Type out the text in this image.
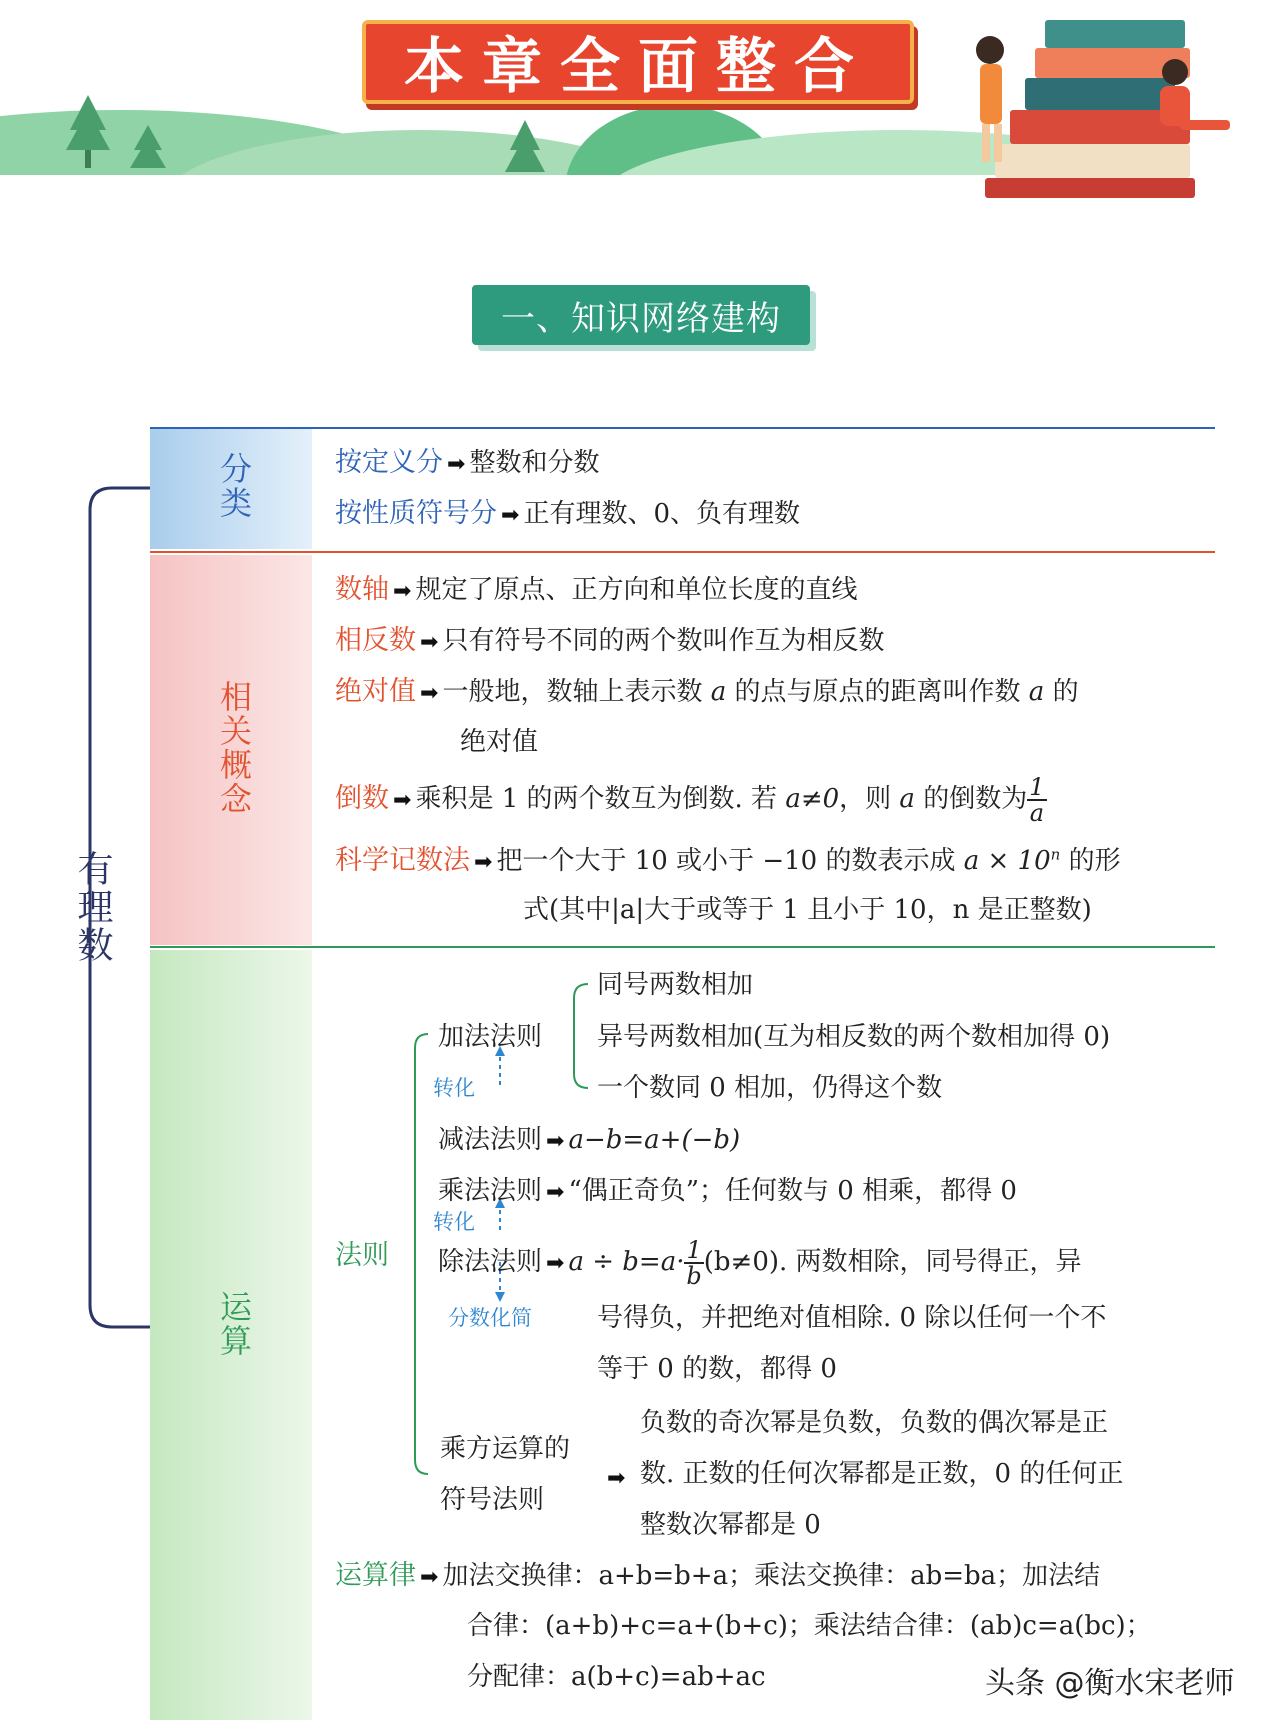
本章全面整合
一、知识网络建构
分类
相关概念
运算
有理数
按定义分 ➡ 整数和分数
按性质符号分 ➡ 正有理数、0、负有理数
数轴 ➡ 规定了原点、正方向和单位长度的直线
相反数 ➡ 只有符号不同的两个数叫作互为相反数
绝对值 ➡ 一般地，数轴上表示数 a 的点与原点的距离叫作数 a 的
绝对值
倒数 ➡ 乘积是 1 的两个数互为倒数. 若 a≠0，则 a 的倒数为 $\frac{1}{a}$
科学记数法 ➡ 把一个大于 10 或小于 −10 的数表示成 $a \times 10^n$ 的形
式(其中|a|大于或等于 1 且小于 10，n 是正整数)
法则
加法法则
同号两数相加
异号两数相加(互为相反数的两个数相加得 0)
一个数同 0 相加，仍得这个数
转化
减法法则 ➡ a−b=a+(−b)
乘法法则 ➡ “偶正奇负”；任何数与 0 相乘，都得 0
转化
除法法则 ➡ $a \div b=a\cdot \frac{1}{b} (b\ne 0)$. 两数相除，同号得正，异
分数化简	号得负，并把绝对值相除. 0 除以任何一个不
等于 0 的数，都得 0
乘方运算的
符号法则
➡
负数的奇次幂是负数，负数的偶次幂是正
数. 正数的任何次幂都是正数，0 的任何正
整数次幂都是 0
运算律 ➡ 加法交换律：a+b=b+a；乘法交换律：ab=ba；加法结
合律：(a+b)+c=a+(b+c)；乘法结合律：(ab)c=a(bc)；
分配律：a(b+c)=ab+ac	头条 @衡水宋老师
